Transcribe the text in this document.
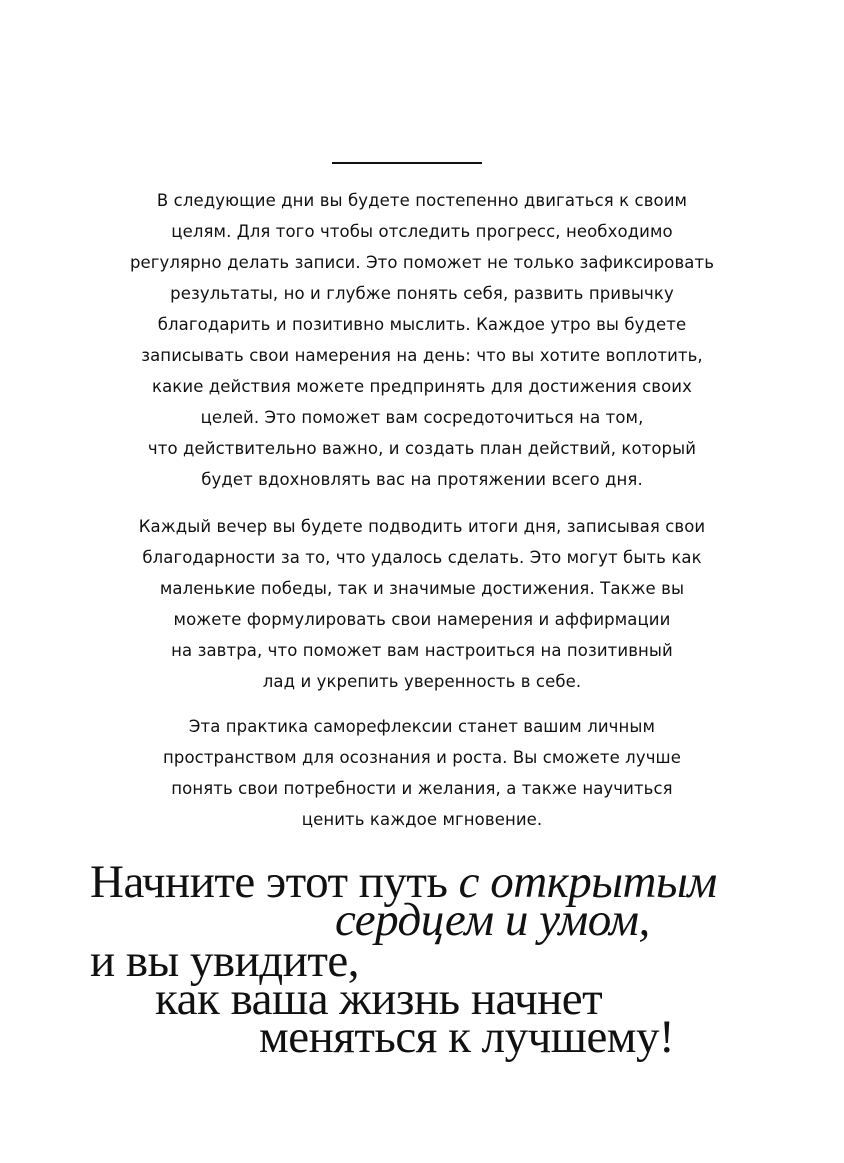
В следующие дни вы будете постепенно двигаться к своим
целям. Для того чтобы отследить прогресс, необходимо
регулярно делать записи. Это поможет не только зафиксировать
результаты, но и глубже понять себя, развить привычку
благодарить и позитивно мыслить. Каждое утро вы будете
записывать свои намерения на день: что вы хотите воплотить,
какие действия можете предпринять для достижения своих
целей. Это поможет вам сосредоточиться на том,
что действительно важно, и создать план действий, который
будет вдохновлять вас на протяжении всего дня.
Каждый вечер вы будете подводить итоги дня, записывая свои
благодарности за то, что удалось сделать. Это могут быть как
маленькие победы, так и значимые достижения. Также вы
можете формулировать свои намерения и аффирмации
на завтра, что поможет вам настроиться на позитивный
лад и укрепить уверенность в себе.
Эта практика саморефлексии станет вашим личным
пространством для осознания и роста. Вы сможете лучше
понять свои потребности и желания, а также научиться
ценить каждое мгновение.
Начните этот путь с открытым
сердцем и умом,
и вы увидите,
как ваша жизнь начнет
меняться к лучшему!
